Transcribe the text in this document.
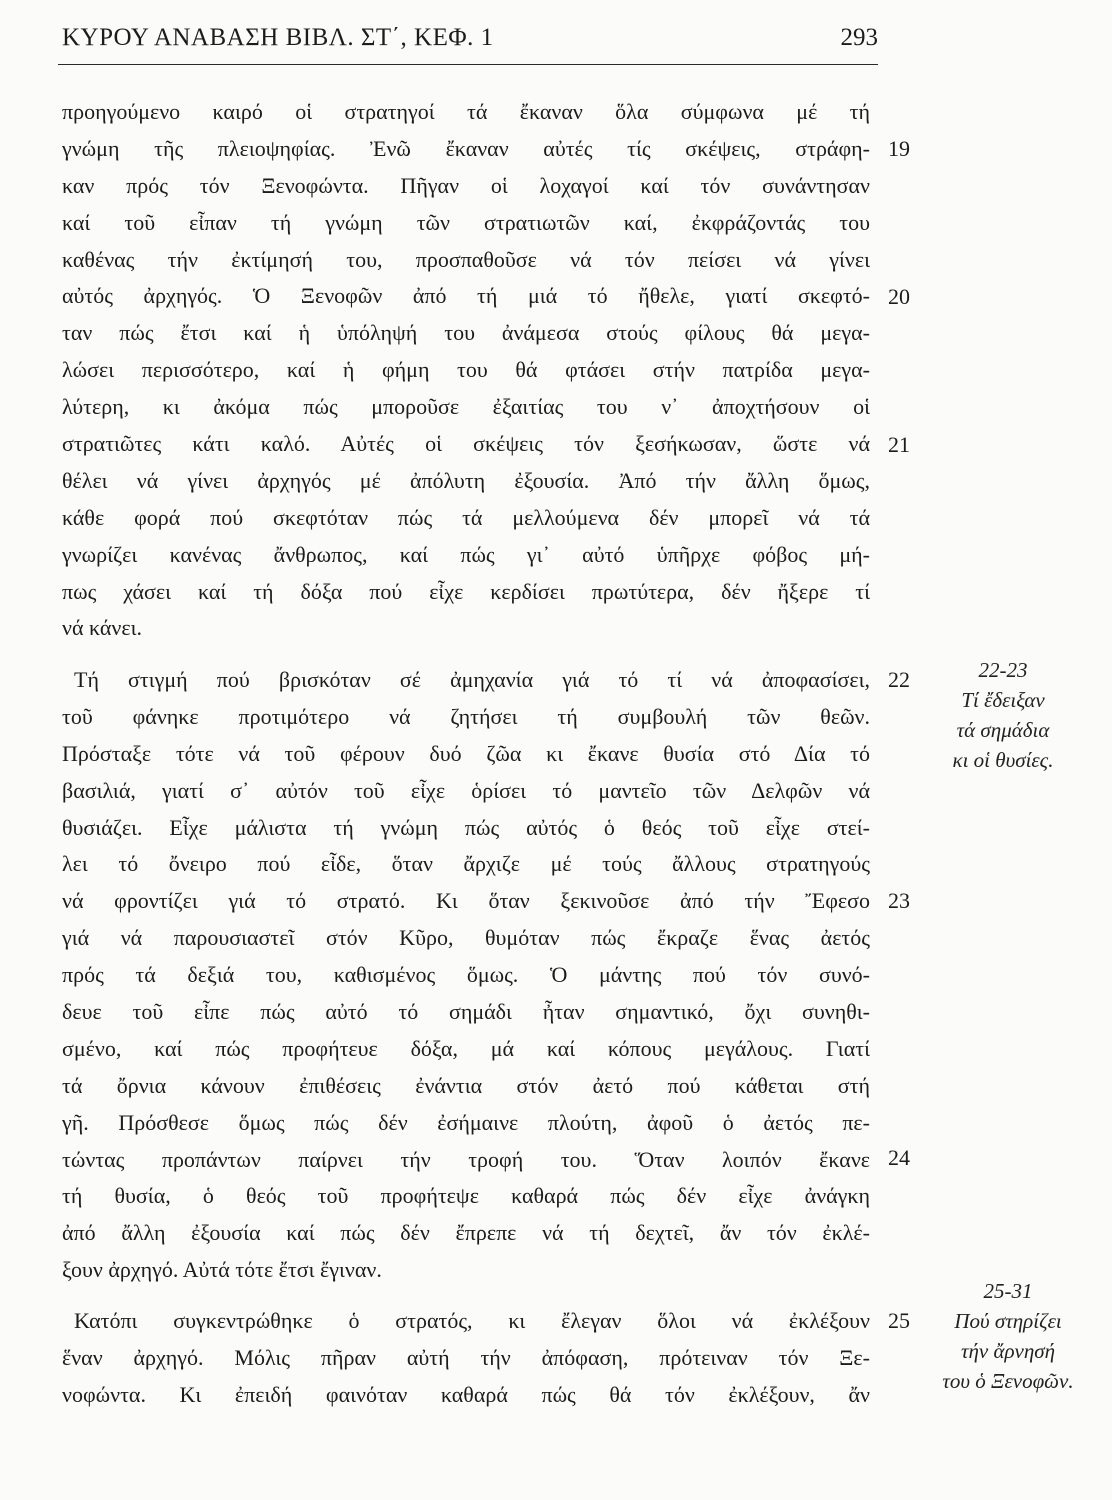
ΚΥΡΟΥ ΑΝΑΒΑΣΗ ΒΙΒΛ. ΣΤ΄, ΚΕΦ. 1	293
προηγούμενο καιρό οἱ στρατηγοί τά ἔκαναν ὅλα σύμφωνα μέ τή
γνώμη τῆς πλειοψηφίας. Ἐνῶ ἔκαναν αὐτές τίς σκέψεις, στράφη-
καν πρός τόν Ξενοφώντα. Πῆγαν οἱ λοχαγοί καί τόν συνάντησαν
καί τοῦ εἶπαν τή γνώμη τῶν στρατιωτῶν καί, ἐκφράζοντάς του
καθένας τήν ἐκτίμησή του, προσπαθοῦσε νά τόν πείσει νά γίνει
αὐτός ἀρχηγός. Ὁ Ξενοφῶν ἀπό τή μιά τό ἤθελε, γιατί σκεφτό-
ταν πώς ἔτσι καί ἡ ὑπόληψή του ἀνάμεσα στούς φίλους θά μεγα-
λώσει περισσότερο, καί ἡ φήμη του θά φτάσει στήν πατρίδα μεγα-
λύτερη, κι ἀκόμα πώς μποροῦσε ἐξαιτίας του ν᾽ ἀποχτήσουν οἱ
στρατιῶτες κάτι καλό. Αὐτές οἱ σκέψεις τόν ξεσήκωσαν, ὥστε νά
θέλει νά γίνει ἀρχηγός μέ ἀπόλυτη ἐξουσία. Ἀπό τήν ἄλλη ὅμως,
κάθε φορά πού σκεφτόταν πώς τά μελλούμενα δέν μπορεῖ νά τά
γνωρίζει κανένας ἄνθρωπος, καί πώς γι᾽ αὐτό ὑπῆρχε φόβος μή-
πως χάσει καί τή δόξα πού εἶχε κερδίσει πρωτύτερα, δέν ἤξερε τί
νά κάνει.
Τή στιγμή πού βρισκόταν σέ ἀμηχανία γιά τό τί νά ἀποφασίσει,
τοῦ φάνηκε προτιμότερο νά ζητήσει τή συμβουλή τῶν θεῶν.
Πρόσταξε τότε νά τοῦ φέρουν δυό ζῶα κι ἔκανε θυσία στό Δία τό
βασιλιά, γιατί σ᾽ αὐτόν τοῦ εἶχε ὁρίσει τό μαντεῖο τῶν Δελφῶν νά
θυσιάζει. Εἶχε μάλιστα τή γνώμη πώς αὐτός ὁ θεός τοῦ εἶχε στεί-
λει τό ὄνειρο πού εἶδε, ὅταν ἄρχιζε μέ τούς ἄλλους στρατηγούς
νά φροντίζει γιά τό στρατό. Κι ὅταν ξεκινοῦσε ἀπό τήν Ἔφεσο
γιά νά παρουσιαστεῖ στόν Κῦρο, θυμόταν πώς ἔκραζε ἕνας ἀετός
πρός τά δεξιά του, καθισμένος ὅμως. Ὁ μάντης πού τόν συνό-
δευε τοῦ εἶπε πώς αὐτό τό σημάδι ἦταν σημαντικό, ὄχι συνηθι-
σμένο, καί πώς προφήτευε δόξα, μά καί κόπους μεγάλους. Γιατί
τά ὄρνια κάνουν ἐπιθέσεις ἐνάντια στόν ἀετό πού κάθεται στή
γῆ. Πρόσθεσε ὅμως πώς δέν ἐσήμαινε πλούτη, ἀφοῦ ὁ ἀετός πε-
τώντας προπάντων παίρνει τήν τροφή του. Ὅταν λοιπόν ἔκανε
τή θυσία, ὁ θεός τοῦ προφήτεψε καθαρά πώς δέν εἶχε ἀνάγκη
ἀπό ἄλλη ἐξουσία καί πώς δέν ἔπρεπε νά τή δεχτεῖ, ἄν τόν ἐκλέ-
ξουν ἀρχηγό. Αὐτά τότε ἔτσι ἔγιναν.
Κατόπι συγκεντρώθηκε ὁ στρατός, κι ἔλεγαν ὅλοι νά ἐκλέξουν
ἕναν ἀρχηγό. Μόλις πῆραν αὐτή τήν ἀπόφαση, πρότειναν τόν Ξε-
νοφώντα. Κι ἐπειδή φαινόταν καθαρά πώς θά τόν ἐκλέξουν, ἄν
19
20
21
22
23
24
25
22-23
Τί ἔδειξαν
τά σημάδια
κι οἱ θυσίες.
25-31
Πού στηρίζει
τήν ἄρνησή
του ὁ Ξενοφῶν.
